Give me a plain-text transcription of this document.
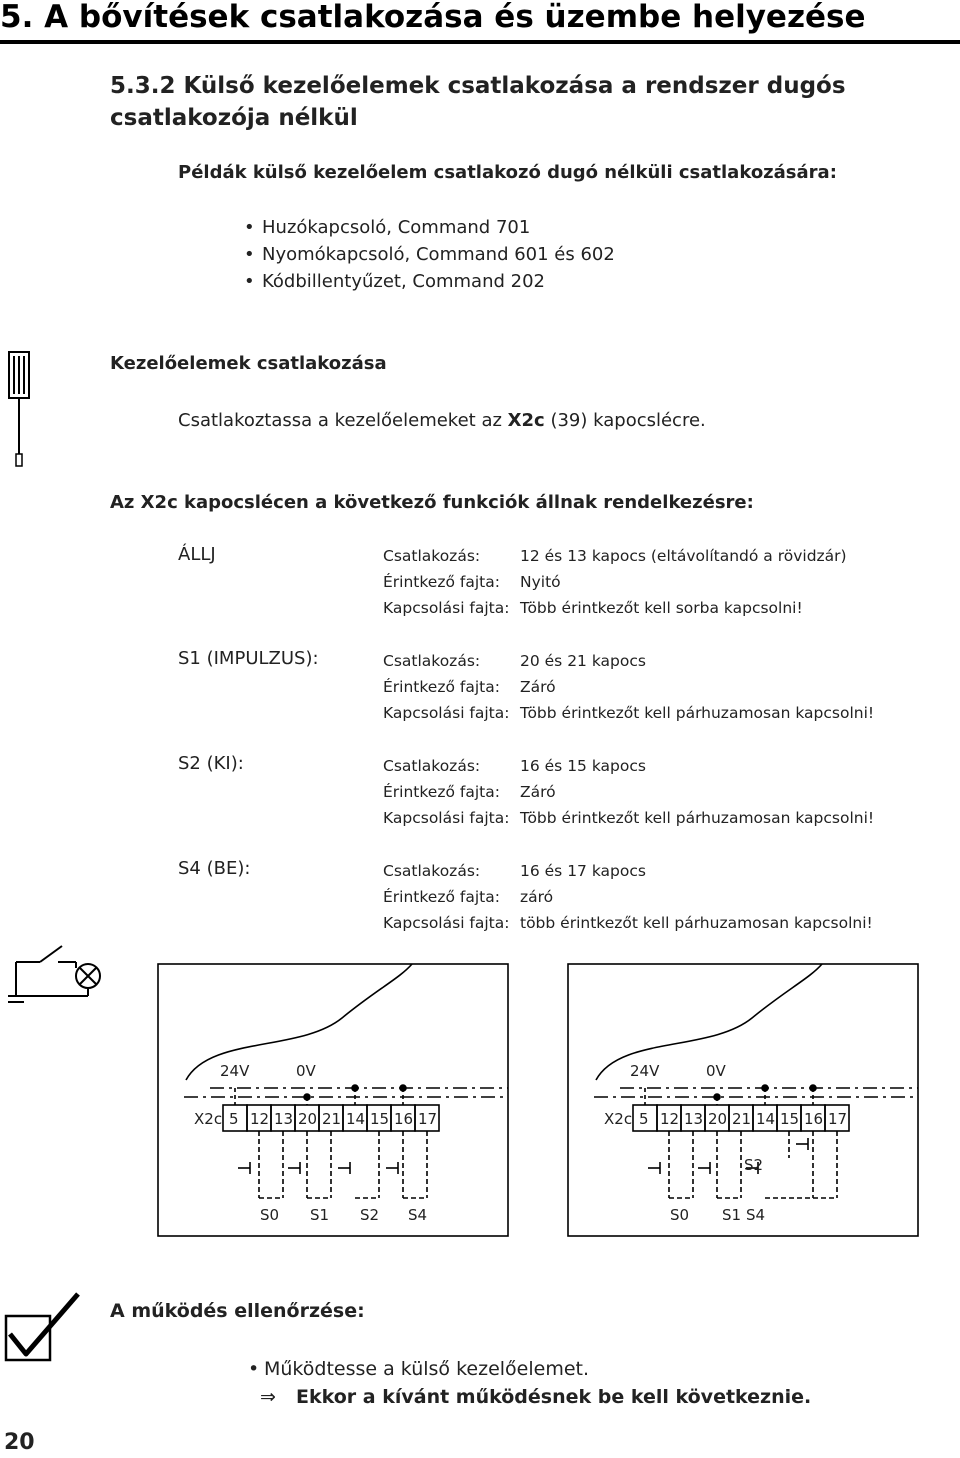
5. A bővítések csatlakozása és üzembe helyezése
5.3.2 Külső kezelőelemek csatlakozása a rendszer dugós
csatlakozója nélkül
Példák külső kezelőelem csatlakozó dugó nélküli csatlakozására:
• Huzókapcsoló, Command 701
• Nyomókapcsoló, Command 601 és 602
• Kódbillentyűzet, Command 202
Kezelőelemek csatlakozása
Csatlakoztassa a kezelőelemeket az X2c (39) kapocslécre.
Az X2c kapocslécen a következő funkciók állnak rendelkezésre:
ÁLLJ	Csatlakozás:	12 és 13 kapocs (eltávolítandó a rövidzár)
Érintkező fajta: Nyitó
Kapcsolási fajta: Több érintkezőt kell sorba kapcsolni!
S1 (IMPULZUS):	Csatlakozás:	20 és 21 kapocs
Érintkező fajta: Záró
Kapcsolási fajta: Több érintkezőt kell párhuzamosan kapcsolni!
S2 (KI):	Csatlakozás:	16 és 15 kapocs
Érintkező fajta: Záró
Kapcsolási fajta: Több érintkezőt kell párhuzamosan kapcsolni!
S4 (BE):	Csatlakozás:	16 és 17 kapocs
Érintkező fajta: záró
Kapcsolási fajta: több érintkezőt kell párhuzamosan kapcsolni!
24V	0V
X2c 5 12 13 20 21 14 15 16 17
S0 S1 S2 S4
24V	0V
X2c 5 12 13 20 21 14 15 16 17
S2
S0 S1 S4
A működés ellenőrzése:
• Működtesse a külső kezelőelemet.
⇒ Ekkor a kívánt működésnek be kell következnie.
20
